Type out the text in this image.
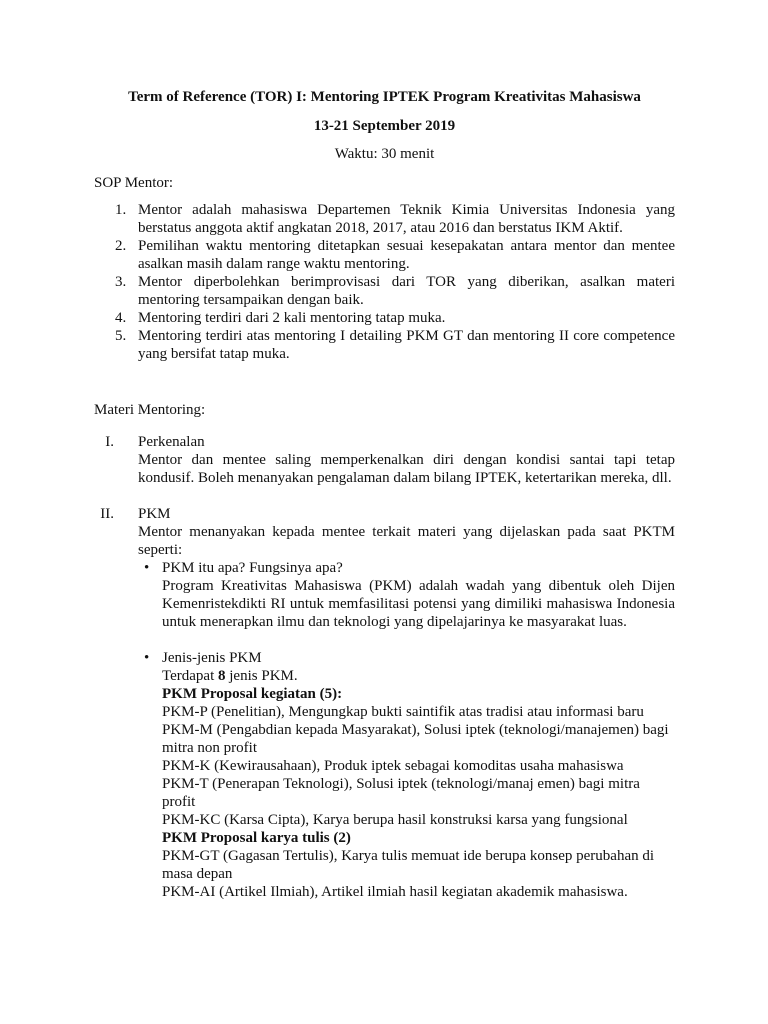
Term of Reference (TOR) I: Mentoring IPTEK Program Kreativitas Mahasiswa
13-21 September 2019
Waktu: 30 menit
SOP Mentor:
1. Mentor adalah mahasiswa Departemen Teknik Kimia Universitas Indonesia yang berstatus anggota aktif angkatan 2018, 2017, atau 2016 dan berstatus IKM Aktif.
2. Pemilihan waktu mentoring ditetapkan sesuai kesepakatan antara mentor dan mentee asalkan masih dalam range waktu mentoring.
3. Mentor diperbolehkan berimprovisasi dari TOR yang diberikan, asalkan materi mentoring tersampaikan dengan baik.
4. Mentoring terdiri dari 2 kali mentoring tatap muka.
5. Mentoring terdiri atas mentoring I detailing PKM GT dan mentoring II core competence yang bersifat tatap muka.
Materi Mentoring:
I. Perkenalan
Mentor dan mentee saling memperkenalkan diri dengan kondisi santai tapi tetap kondusif. Boleh menanyakan pengalaman dalam bilang IPTEK, ketertarikan mereka, dll.
II. PKM
Mentor menanyakan kepada mentee terkait materi yang dijelaskan pada saat PKTM seperti:
• PKM itu apa? Fungsinya apa?
Program Kreativitas Mahasiswa (PKM) adalah wadah yang dibentuk oleh Dijen Kemenristekdikti RI untuk memfasilitasi potensi yang dimiliki mahasiswa Indonesia untuk menerapkan ilmu dan teknologi yang dipelajarinya ke masyarakat luas.
• Jenis-jenis PKM
Terdapat 8 jenis PKM.
PKM Proposal kegiatan (5):
PKM-P (Penelitian), Mengungkap bukti saintifik atas tradisi atau informasi baru
PKM-M (Pengabdian kepada Masyarakat), Solusi iptek (teknologi/manajemen) bagi mitra non profit
PKM-K (Kewirausahaan), Produk iptek sebagai komoditas usaha mahasiswa
PKM-T (Penerapan Teknologi), Solusi iptek (teknologi/manaj emen) bagi mitra profit
PKM-KC (Karsa Cipta), Karya berupa hasil konstruksi karsa yang fungsional
PKM Proposal karya tulis (2)
PKM-GT (Gagasan Tertulis), Karya tulis memuat ide berupa konsep perubahan di masa depan
PKM-AI (Artikel Ilmiah), Artikel ilmiah hasil kegiatan akademik mahasiswa.
